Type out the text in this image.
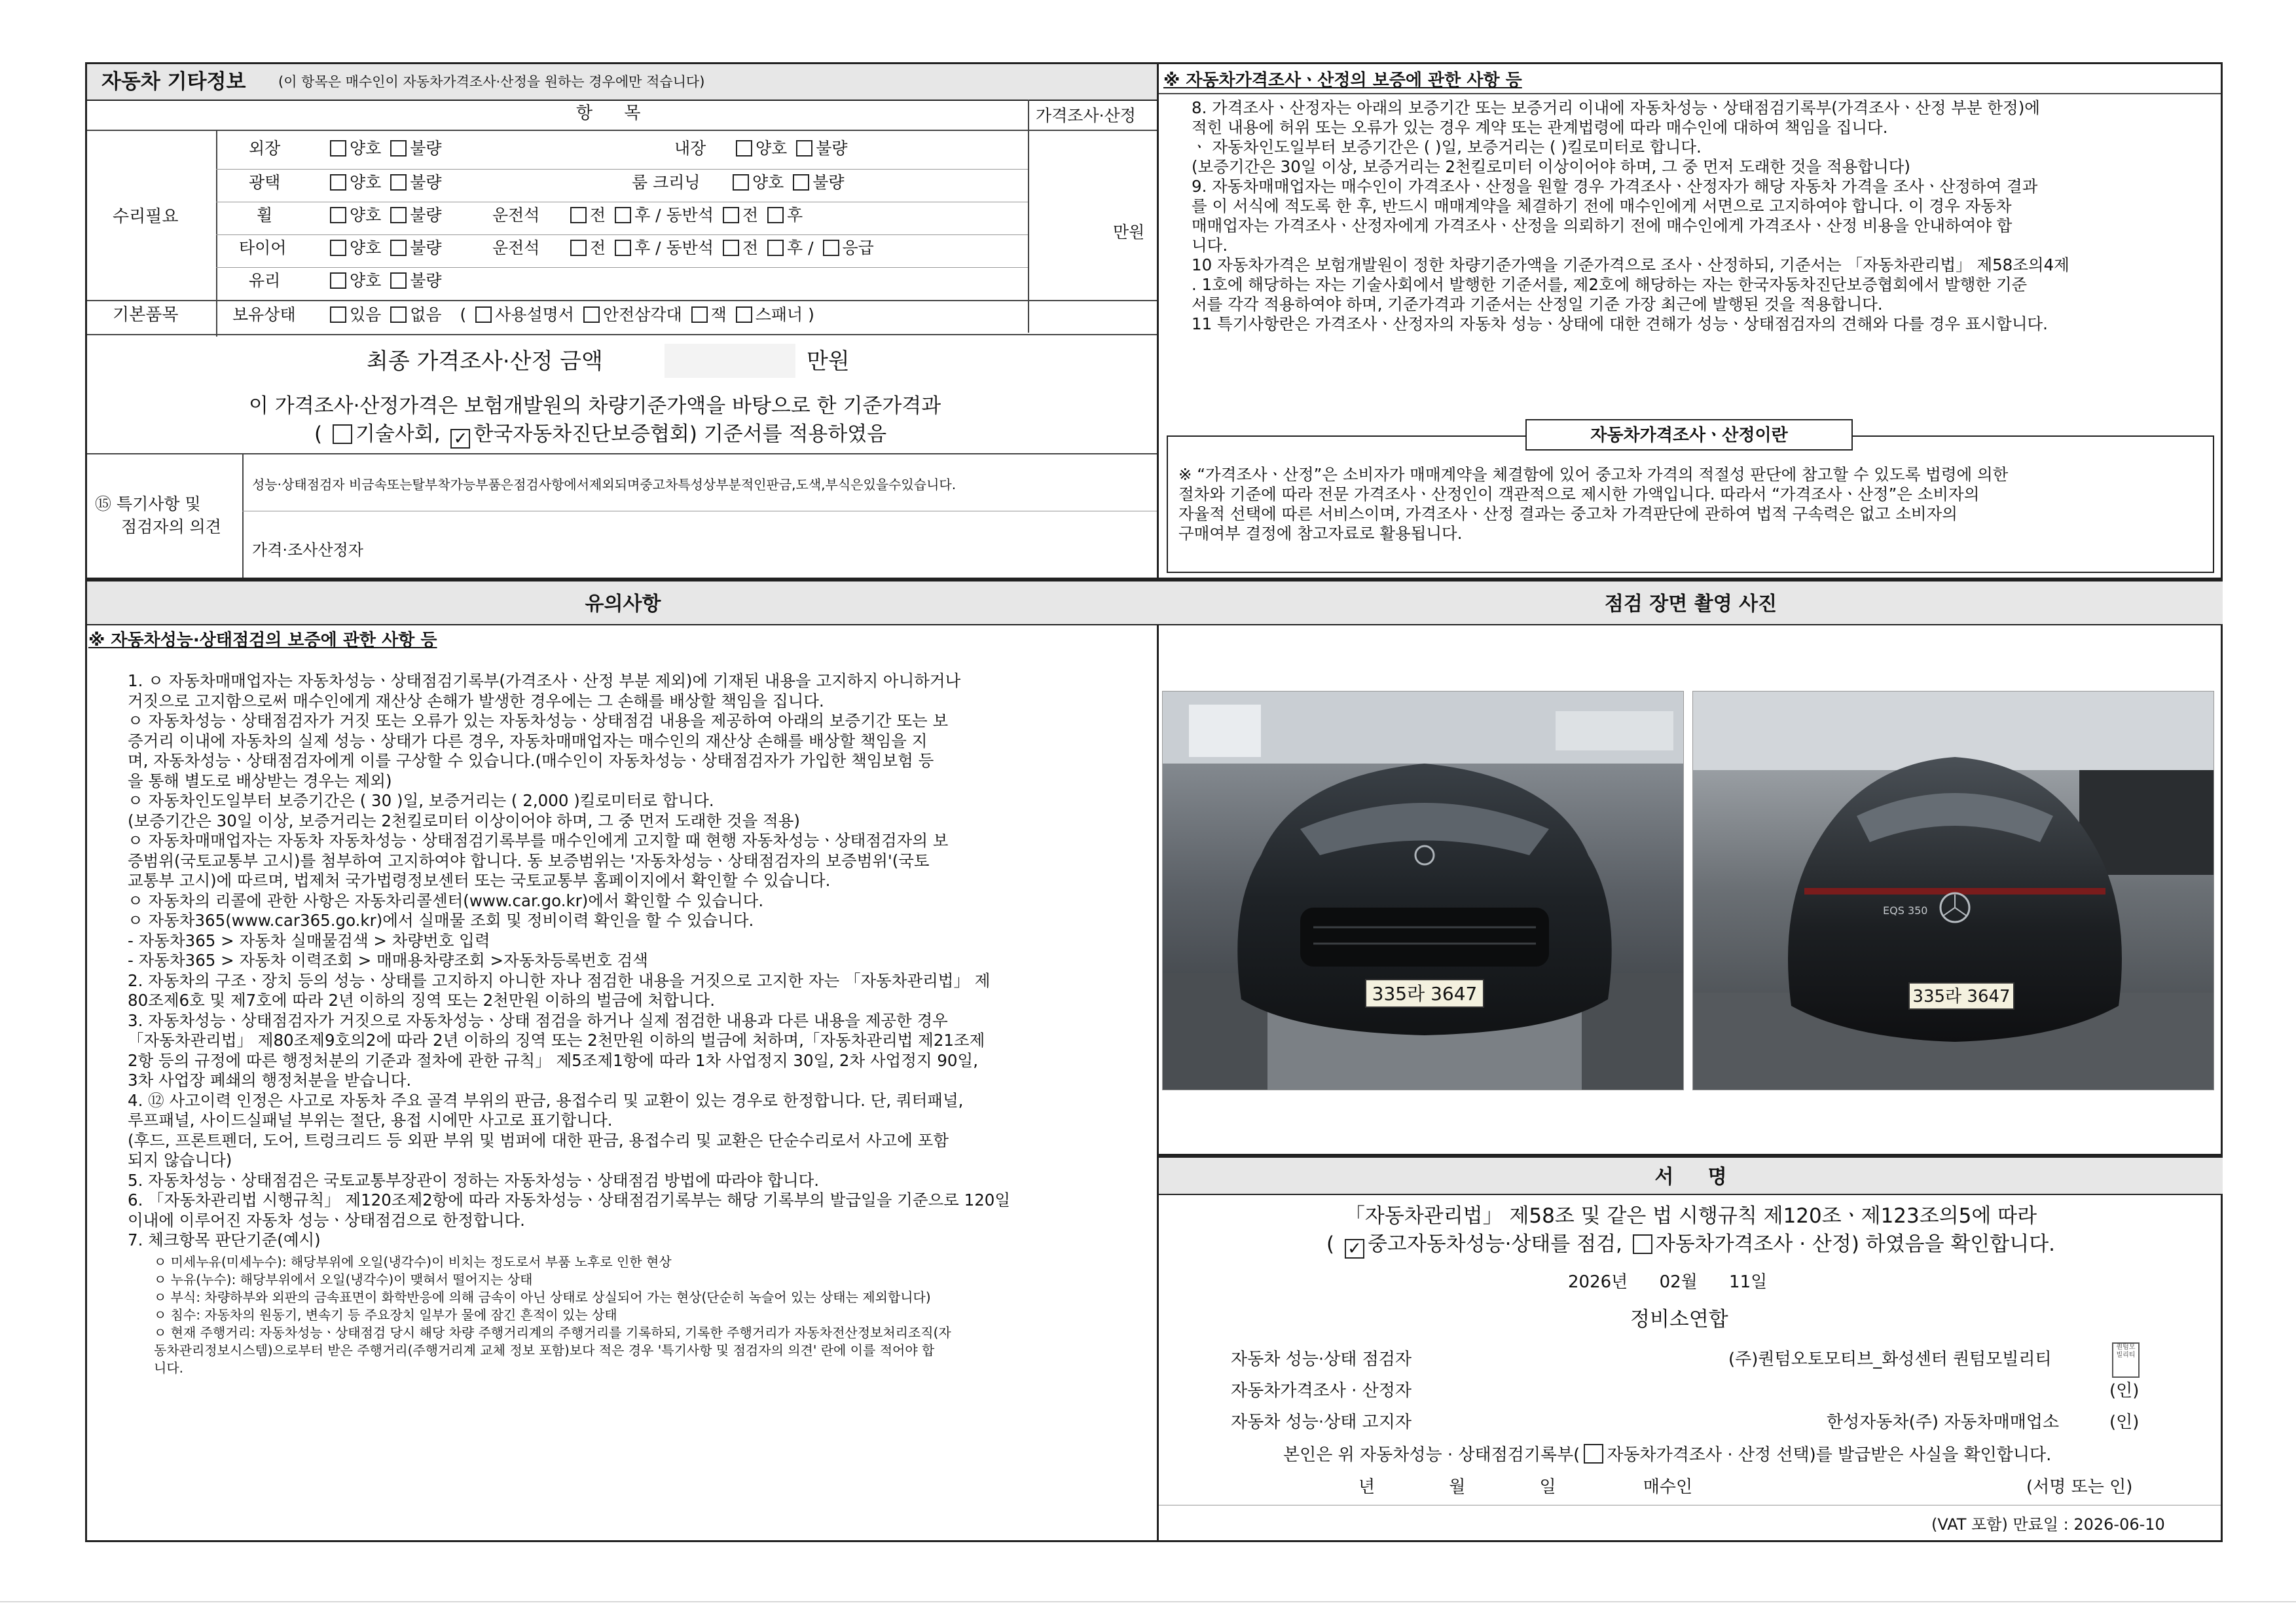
자동차 기타정보 (이 항목은 매수인이 자동차가격조사·산정을 원하는 경우에만 적습니다)
항 목	가격조사·산정
수리필요
외장	양호 불량	내장	양호 불량
광택	양호 불량	룸 크리닝	양호 불량
휠	양호 불량	운전석	전 후 / 동반석 전 후
타이어	양호 불량	운전석	전 후 / 동반석 전 후 / 응급
만원
유리	양호 불량
기본품목	보유상태	있음 없음 ( 사용설명서 안전삼각대 잭 스패너 )
최종 가격조사·산정 금액	만원
이 가격조사·산정가격은 보험개발원의 차량기준가액을 바탕으로 한 기준가격과
( 기술사회, ✓ 한국자동차진단보증협회) 기준서를 적용하였음
⑮ 특기사항 및
점검자의 의견
성능·상태점검자 비금속또는탈부착가능부품은점검사항에서제외되며중고차특성상부분적인판금,도색,부식은있을수있습니다.
가격·조사산정자
※ 자동차가격조사ㆍ산정의 보증에 관한 사항 등
8. 가격조사ㆍ산정자는 아래의 보증기간 또는 보증거리 이내에 자동차성능ㆍ상태점검기록부(가격조사ㆍ산정 부분 한정)에
적힌 내용에 허위 또는 오류가 있는 경우 계약 또는 관계법령에 따라 매수인에 대하여 책임을 집니다.
ㆍ 자동차인도일부터 보증기간은 ( )일, 보증거리는 ( )킬로미터로 합니다.
(보증기간은 30일 이상, 보증거리는 2천킬로미터 이상이어야 하며, 그 중 먼저 도래한 것을 적용합니다)
9. 자동차매매업자는 매수인이 가격조사ㆍ산정을 원할 경우 가격조사ㆍ산정자가 해당 자동차 가격을 조사ㆍ산정하여 결과
를 이 서식에 적도록 한 후, 반드시 매매계약을 체결하기 전에 매수인에게 서면으로 고지하여야 합니다. 이 경우 자동차
매매업자는 가격조사ㆍ산정자에게 가격조사ㆍ산정을 의뢰하기 전에 매수인에게 가격조사ㆍ산정 비용을 안내하여야 합
니다.
10 자동차가격은 보험개발원이 정한 차량기준가액을 기준가격으로 조사ㆍ산정하되, 기준서는 「자동차관리법」 제58조의4제
. 1호에 해당하는 자는 기술사회에서 발행한 기준서를, 제2호에 해당하는 자는 한국자동차진단보증협회에서 발행한 기준
서를 각각 적용하여야 하며, 기준가격과 기준서는 산정일 기준 가장 최근에 발행된 것을 적용합니다.
11 특기사항란은 가격조사ㆍ산정자의 자동차 성능ㆍ상태에 대한 견해가 성능ㆍ상태점검자의 견해와 다를 경우 표시합니다.
자동차가격조사ㆍ산정이란
※ “가격조사ㆍ산정”은 소비자가 매매계약을 체결함에 있어 중고차 가격의 적절성 판단에 참고할 수 있도록 법령에 의한
절차와 기준에 따라 전문 가격조사ㆍ산정인이 객관적으로 제시한 가액입니다. 따라서 “가격조사ㆍ산정”은 소비자의
자율적 선택에 따른 서비스이며, 가격조사ㆍ산정 결과는 중고차 가격판단에 관하여 법적 구속력은 없고 소비자의
구매여부 결정에 참고자료로 활용됩니다.
유의사항
※ 자동차성능·상태점검의 보증에 관한 사항 등
1. ㅇ 자동차매매업자는 자동차성능ㆍ상태점검기록부(가격조사ㆍ산정 부분 제외)에 기재된 내용을 고지하지 아니하거나
거짓으로 고지함으로써 매수인에게 재산상 손해가 발생한 경우에는 그 손해를 배상할 책임을 집니다.
ㅇ 자동차성능ㆍ상태점검자가 거짓 또는 오류가 있는 자동차성능ㆍ상태점검 내용을 제공하여 아래의 보증기간 또는 보
증거리 이내에 자동차의 실제 성능ㆍ상태가 다른 경우, 자동차매매업자는 매수인의 재산상 손해를 배상할 책임을 지
며, 자동차성능ㆍ상태점검자에게 이를 구상할 수 있습니다.(매수인이 자동차성능ㆍ상태점검자가 가입한 책임보험 등
을 통해 별도로 배상받는 경우는 제외)
ㅇ 자동차인도일부터 보증기간은 ( 30 )일, 보증거리는 ( 2,000 )킬로미터로 합니다.
(보증기간은 30일 이상, 보증거리는 2천킬로미터 이상이어야 하며, 그 중 먼저 도래한 것을 적용)
ㅇ 자동차매매업자는 자동차 자동차성능ㆍ상태점검기록부를 매수인에게 고지할 때 현행 자동차성능ㆍ상태점검자의 보
증범위(국토교통부 고시)를 첨부하여 고지하여야 합니다. 동 보증범위는 '자동차성능ㆍ상태점검자의 보증범위'(국토
교통부 고시)에 따르며, 법제처 국가법령정보센터 또는 국토교통부 홈페이지에서 확인할 수 있습니다.
ㅇ 자동차의 리콜에 관한 사항은 자동차리콜센터(www.car.go.kr)에서 확인할 수 있습니다.
ㅇ 자동차365(www.car365.go.kr)에서 실매물 조회 및 정비이력 확인을 할 수 있습니다.
- 자동차365 > 자동차 실매물검색 > 차량번호 입력
- 자동차365 > 자동차 이력조회 > 매매용차량조회 >자동차등록번호 검색
2. 자동차의 구조ㆍ장치 등의 성능ㆍ상태를 고지하지 아니한 자나 점검한 내용을 거짓으로 고지한 자는 「자동차관리법」 제
80조제6호 및 제7호에 따라 2년 이하의 징역 또는 2천만원 이하의 벌금에 처합니다.
3. 자동차성능ㆍ상태점검자가 거짓으로 자동차성능ㆍ상태 점검을 하거나 실제 점검한 내용과 다른 내용을 제공한 경우
「자동차관리법」 제80조제9호의2에 따라 2년 이하의 징역 또는 2천만원 이하의 벌금에 처하며,「자동차관리법 제21조제
2항 등의 규정에 따른 행정처분의 기준과 절차에 관한 규칙」 제5조제1항에 따라 1차 사업정지 30일, 2차 사업정지 90일,
3차 사업장 폐쇄의 행정처분을 받습니다.
4. ⑫ 사고이력 인정은 사고로 자동차 주요 골격 부위의 판금, 용접수리 및 교환이 있는 경우로 한정합니다. 단, 쿼터패널,
루프패널, 사이드실패널 부위는 절단, 용접 시에만 사고로 표기합니다.
(후드, 프론트펜더, 도어, 트렁크리드 등 외판 부위 및 범퍼에 대한 판금, 용접수리 및 교환은 단순수리로서 사고에 포함
되지 않습니다)
5. 자동차성능ㆍ상태점검은 국토교통부장관이 정하는 자동차성능ㆍ상태점검 방법에 따라야 합니다.
6. 「자동차관리법 시행규칙」 제120조제2항에 따라 자동차성능ㆍ상태점검기록부는 해당 기록부의 발급일을 기준으로 120일
이내에 이루어진 자동차 성능ㆍ상태점검으로 한정합니다.
7. 체크항목 판단기준(예시)
ㅇ 미세누유(미세누수): 해당부위에 오일(냉각수)이 비치는 정도로서 부품 노후로 인한 현상
ㅇ 누유(누수): 해당부위에서 오일(냉각수)이 맺혀서 떨어지는 상태
ㅇ 부식: 차량하부와 외판의 금속표면이 화학반응에 의해 금속이 아닌 상태로 상실되어 가는 현상(단순히 녹슬어 있는 상태는 제외합니다)
ㅇ 침수: 자동차의 원동기, 변속기 등 주요장치 일부가 물에 잠긴 흔적이 있는 상태
ㅇ 현재 주행거리: 자동차성능ㆍ상태점검 당시 해당 차량 주행거리계의 주행거리를 기록하되, 기록한 주행거리가 자동차전산정보처리조직(자
동차관리정보시스템)으로부터 받은 주행거리(주행거리계 교체 정보 포함)보다 적은 경우 '특기사항 및 점검자의 의견' 란에 이를 적어야 합
니다.
점검 장면 촬영 사진
335라 3647
EQS 350
335라 3647
서     명
「자동차관리법」 제58조 및 같은 법 시행규칙 제120조ㆍ제123조의5에 따라
( ✓ 중고자동차성능·상태를 점검, 자동차가격조사 · 산정) 하였음을 확인합니다.
2026년 02월 11일
정비소연합
자동차 성능·상태 점검자	(주)퀀텀오토모티브_화성센터 퀀텀모빌리티
퀀텀모빌리티
자동차가격조사 · 산정자	(인)
자동차 성능·상태 고지자	한성자동차(주) 자동차매매업소	(인)
본인은 위 자동차성능 · 상태점검기록부( 자동차가격조사 · 산정 선택)를 발급받은 사실을 확인합니다.
년	월	일	매수인	(서명 또는 인)
(VAT 포함) 만료일 : 2026-06-10
